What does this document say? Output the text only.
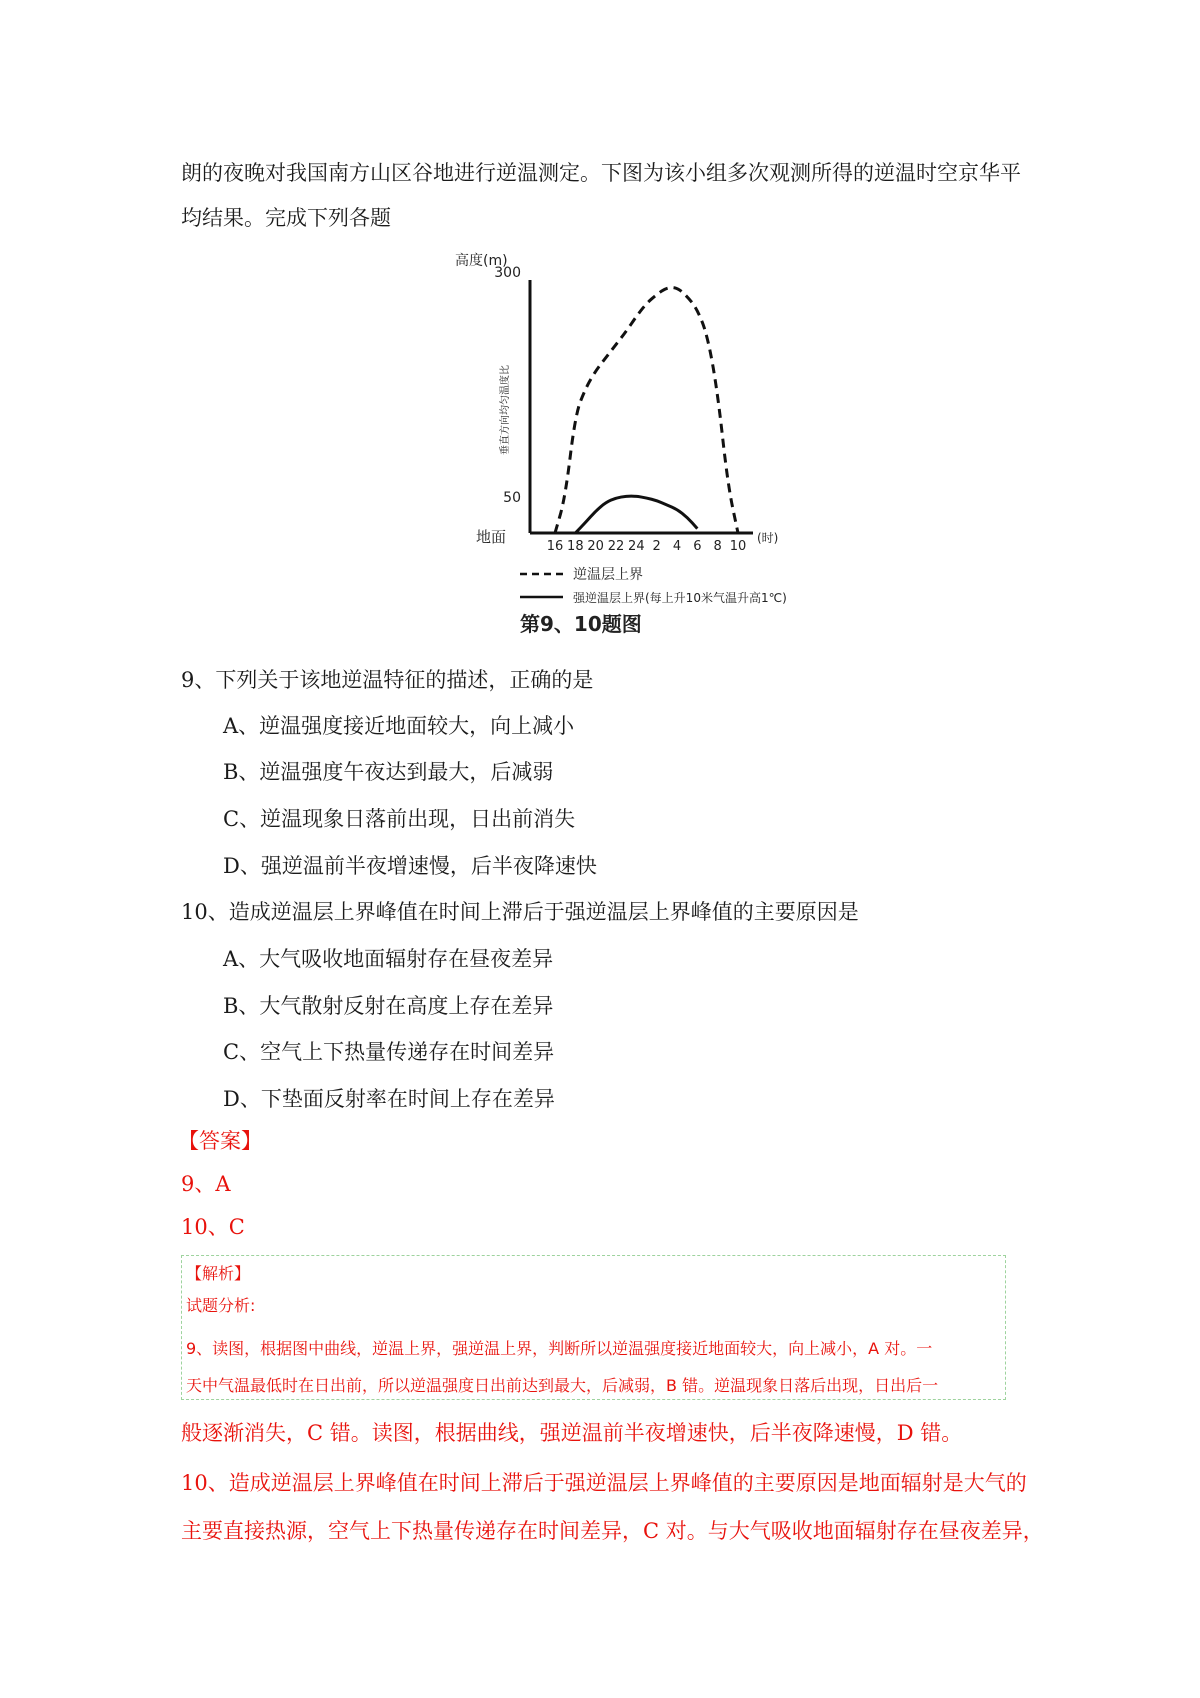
朗的夜晚对我国南方山区谷地进行逆温测定。下图为该小组多次观测所得的逆温时空京华平
均结果。完成下列各题
高度(m)
垂直方向均匀温度比
300
50
地面
16 18 20 22 24 2 4 6 8 10
(时)
逆温层上界
强逆温层上界(每上升10米气温升高1℃)
第9、10题图
9、下列关于该地逆温特征的描述，正确的是
A、逆温强度接近地面较大，向上减小
B、逆温强度午夜达到最大，后减弱
C、逆温现象日落前出现，日出前消失
D、强逆温前半夜增速慢，后半夜降速快
10、造成逆温层上界峰值在时间上滞后于强逆温层上界峰值的主要原因是
A、大气吸收地面辐射存在昼夜差异
B、大气散射反射在高度上存在差异
C、空气上下热量传递存在时间差异
D、下垫面反射率在时间上存在差异
【答案】
9、A
10、C
【解析】
试题分析:
9、读图，根据图中曲线，逆温上界，强逆温上界，判断所以逆温强度接近地面较大，向上减小，A 对。一
天中气温最低时在日出前，所以逆温强度日出前达到最大，后减弱，B 错。逆温现象日落后出现，日出后一
般逐渐消失，C 错。读图，根据曲线，强逆温前半夜增速快，后半夜降速慢，D 错。
10、造成逆温层上界峰值在时间上滞后于强逆温层上界峰值的主要原因是地面辐射是大气的
主要直接热源，空气上下热量传递存在时间差异，C 对。与大气吸收地面辐射存在昼夜差异，
